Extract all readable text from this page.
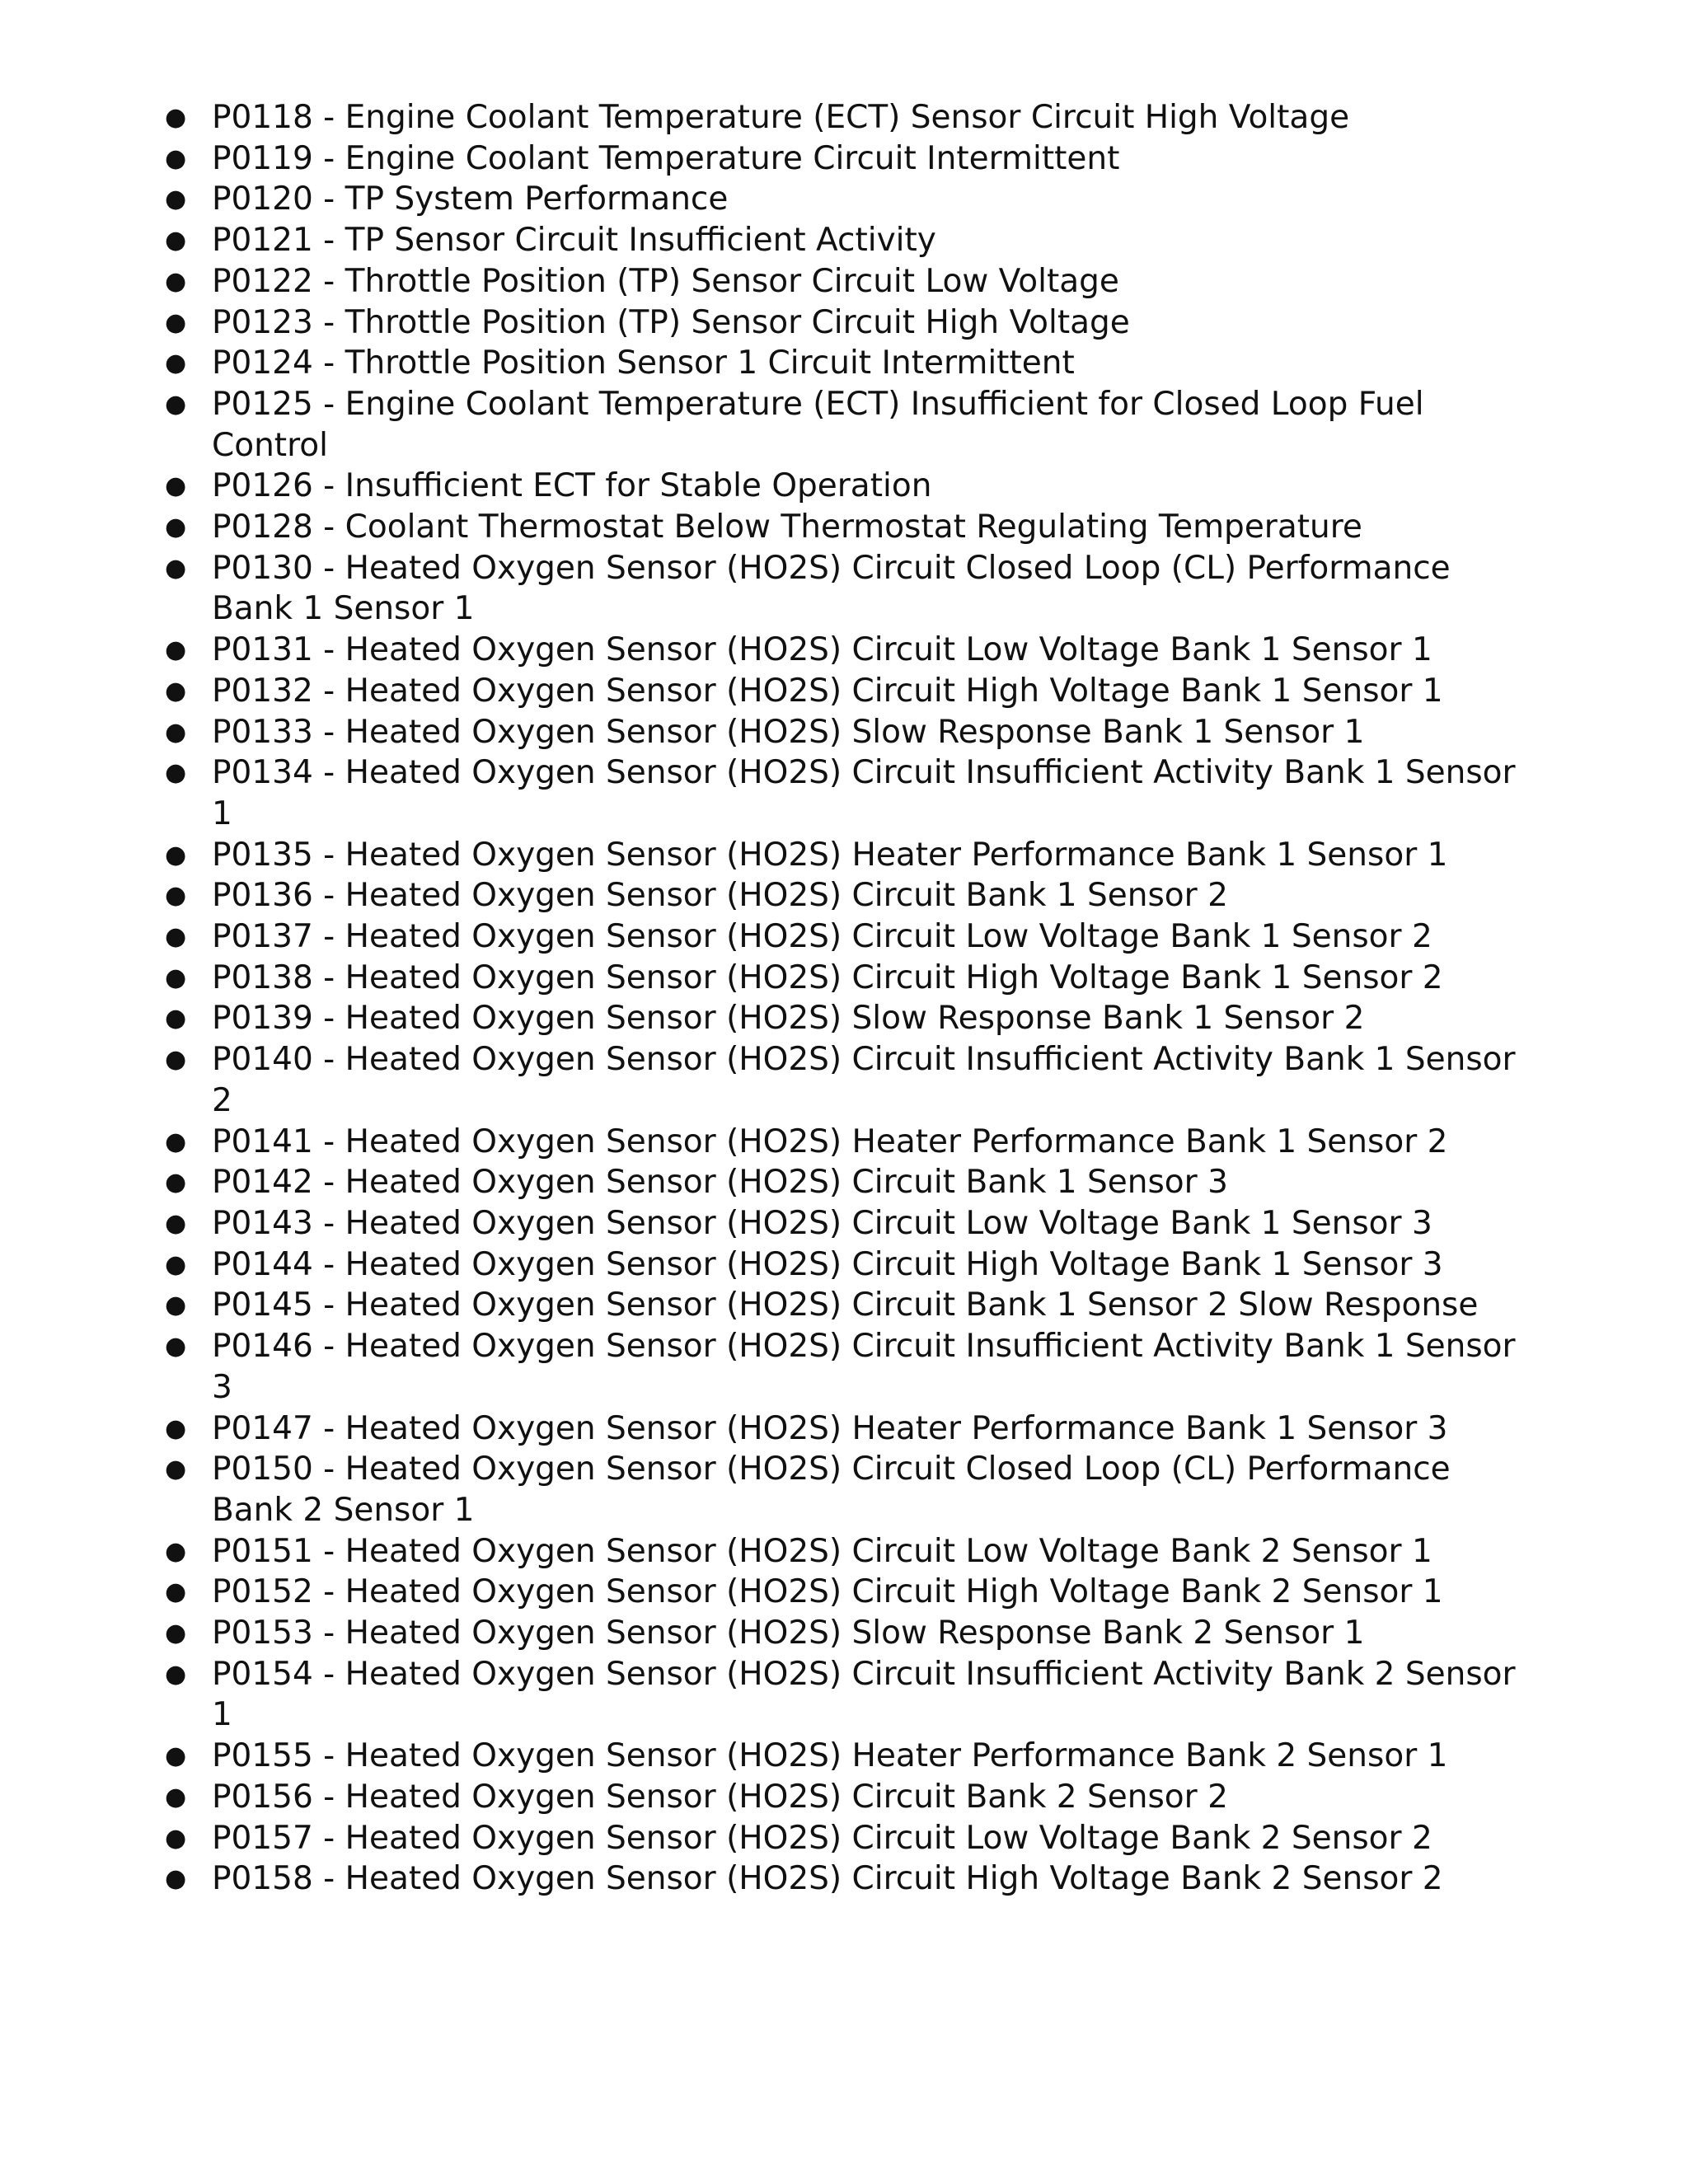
● P0118 - Engine Coolant Temperature (ECT) Sensor Circuit High Voltage
● P0119 - Engine Coolant Temperature Circuit Intermittent
● P0120 - TP System Performance
● P0121 - TP Sensor Circuit Insufficient Activity
● P0122 - Throttle Position (TP) Sensor Circuit Low Voltage
● P0123 - Throttle Position (TP) Sensor Circuit High Voltage
● P0124 - Throttle Position Sensor 1 Circuit Intermittent
● P0125 - Engine Coolant Temperature (ECT) Insufficient for Closed Loop Fuel Control
● P0126 - Insufficient ECT for Stable Operation
● P0128 - Coolant Thermostat Below Thermostat Regulating Temperature
● P0130 - Heated Oxygen Sensor (HO2S) Circuit Closed Loop (CL) Performance Bank 1 Sensor 1
● P0131 - Heated Oxygen Sensor (HO2S) Circuit Low Voltage Bank 1 Sensor 1
● P0132 - Heated Oxygen Sensor (HO2S) Circuit High Voltage Bank 1 Sensor 1
● P0133 - Heated Oxygen Sensor (HO2S) Slow Response Bank 1 Sensor 1
● P0134 - Heated Oxygen Sensor (HO2S) Circuit Insufficient Activity Bank 1 Sensor 1
● P0135 - Heated Oxygen Sensor (HO2S) Heater Performance Bank 1 Sensor 1
● P0136 - Heated Oxygen Sensor (HO2S) Circuit Bank 1 Sensor 2
● P0137 - Heated Oxygen Sensor (HO2S) Circuit Low Voltage Bank 1 Sensor 2
● P0138 - Heated Oxygen Sensor (HO2S) Circuit High Voltage Bank 1 Sensor 2
● P0139 - Heated Oxygen Sensor (HO2S) Slow Response Bank 1 Sensor 2
● P0140 - Heated Oxygen Sensor (HO2S) Circuit Insufficient Activity Bank 1 Sensor 2
● P0141 - Heated Oxygen Sensor (HO2S) Heater Performance Bank 1 Sensor 2
● P0142 - Heated Oxygen Sensor (HO2S) Circuit Bank 1 Sensor 3
● P0143 - Heated Oxygen Sensor (HO2S) Circuit Low Voltage Bank 1 Sensor 3
● P0144 - Heated Oxygen Sensor (HO2S) Circuit High Voltage Bank 1 Sensor 3
● P0145 - Heated Oxygen Sensor (HO2S) Circuit Bank 1 Sensor 2 Slow Response
● P0146 - Heated Oxygen Sensor (HO2S) Circuit Insufficient Activity Bank 1 Sensor 3
● P0147 - Heated Oxygen Sensor (HO2S) Heater Performance Bank 1 Sensor 3
● P0150 - Heated Oxygen Sensor (HO2S) Circuit Closed Loop (CL) Performance Bank 2 Sensor 1
● P0151 - Heated Oxygen Sensor (HO2S) Circuit Low Voltage Bank 2 Sensor 1
● P0152 - Heated Oxygen Sensor (HO2S) Circuit High Voltage Bank 2 Sensor 1
● P0153 - Heated Oxygen Sensor (HO2S) Slow Response Bank 2 Sensor 1
● P0154 - Heated Oxygen Sensor (HO2S) Circuit Insufficient Activity Bank 2 Sensor 1
● P0155 - Heated Oxygen Sensor (HO2S) Heater Performance Bank 2 Sensor 1
● P0156 - Heated Oxygen Sensor (HO2S) Circuit Bank 2 Sensor 2
● P0157 - Heated Oxygen Sensor (HO2S) Circuit Low Voltage Bank 2 Sensor 2
● P0158 - Heated Oxygen Sensor (HO2S) Circuit High Voltage Bank 2 Sensor 2
